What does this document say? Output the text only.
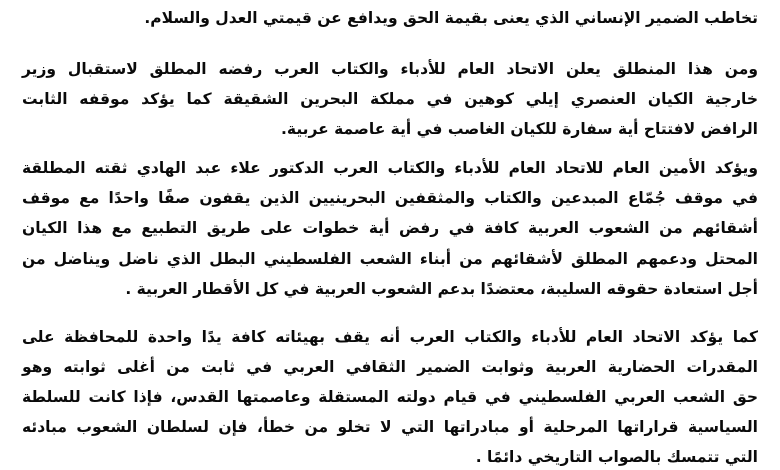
تخاطب الضمير الإنساني الذي يعنى بقيمة الحق ويدافع عن قيمتي العدل والسلام.
ومن هذا المنطلق يعلن الاتحاد العام للأدباء والكتاب العرب رفضه المطلق لاستقبال وزير
خارجية الكيان العنصري إيلي كوهين في مملكة البحرين الشقيقة كما يؤكد موقفه الثابت
الرافض لافتتاح أية سفارة للكيان الغاصب في أية عاصمة عربية.
ويؤكد الأمين العام للاتحاد العام للأدباء والكتاب العرب الدكتور علاء عبد الهادي ثقته المطلقة
في موقف جُمّاع المبدعين والكتاب والمثقفين البحرينيين الذين يقفون صفًا واحدًا مع موقف
أشقائهم من الشعوب العربية كافة في رفض أية خطوات على طريق التطبيع مع هذا الكيان
المحتل ودعمهم المطلق لأشقائهم من أبناء الشعب الفلسطيني البطل الذي ناضل ويناضل من
أجل استعادة حقوقه السليبة، معتضدًا بدعم الشعوب العربية في كل الأقطار العربية .
كما يؤكد الاتحاد العام للأدباء والكتاب العرب أنه يقف بهيئاته كافة يدًا واحدة للمحافظة على
المقدرات الحضارية العربية وثوابت الضمير الثقافي العربي في ثابت من أغلى ثوابته وهو
حق الشعب العربي الفلسطيني في قيام دولته المستقلة وعاصمتها القدس، فإذا كانت للسلطة
السياسية قراراتها المرحلية أو مبادراتها التي لا تخلو من خطأ، فإن لسلطان الشعوب مبادئه
التي تتمسك بالصواب التاريخي دائمًا .
